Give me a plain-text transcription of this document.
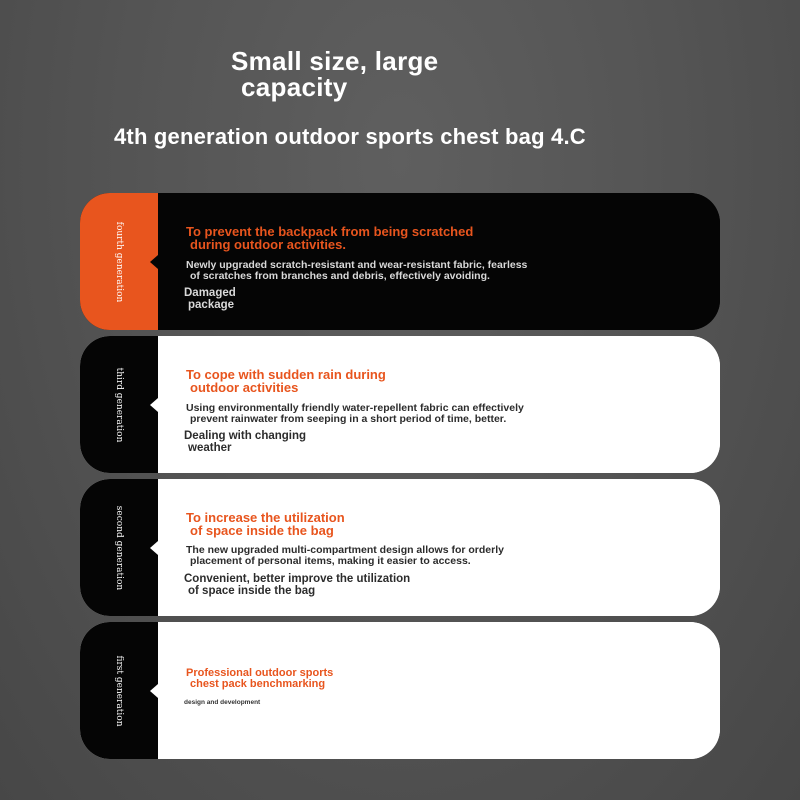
Small size, large
capacity
4th generation outdoor sports chest bag 4.C
fourth generation	To prevent the backpack from being scratched
during outdoor activities.
Newly upgraded scratch-resistant and wear-resistant fabric, fearless
of scratches from branches and debris, effectively avoiding.
Damaged
package
third generation	To cope with sudden rain during
outdoor activities
Using environmentally friendly water-repellent fabric can effectively
prevent rainwater from seeping in a short period of time, better.
Dealing with changing
weather
second generation	To increase the utilization
of space inside the bag
The new upgraded multi-compartment design allows for orderly
placement of personal items, making it easier to access.
Convenient, better improve the utilization
of space inside the bag
first generation	Professional outdoor sports
chest pack benchmarking
design and development
